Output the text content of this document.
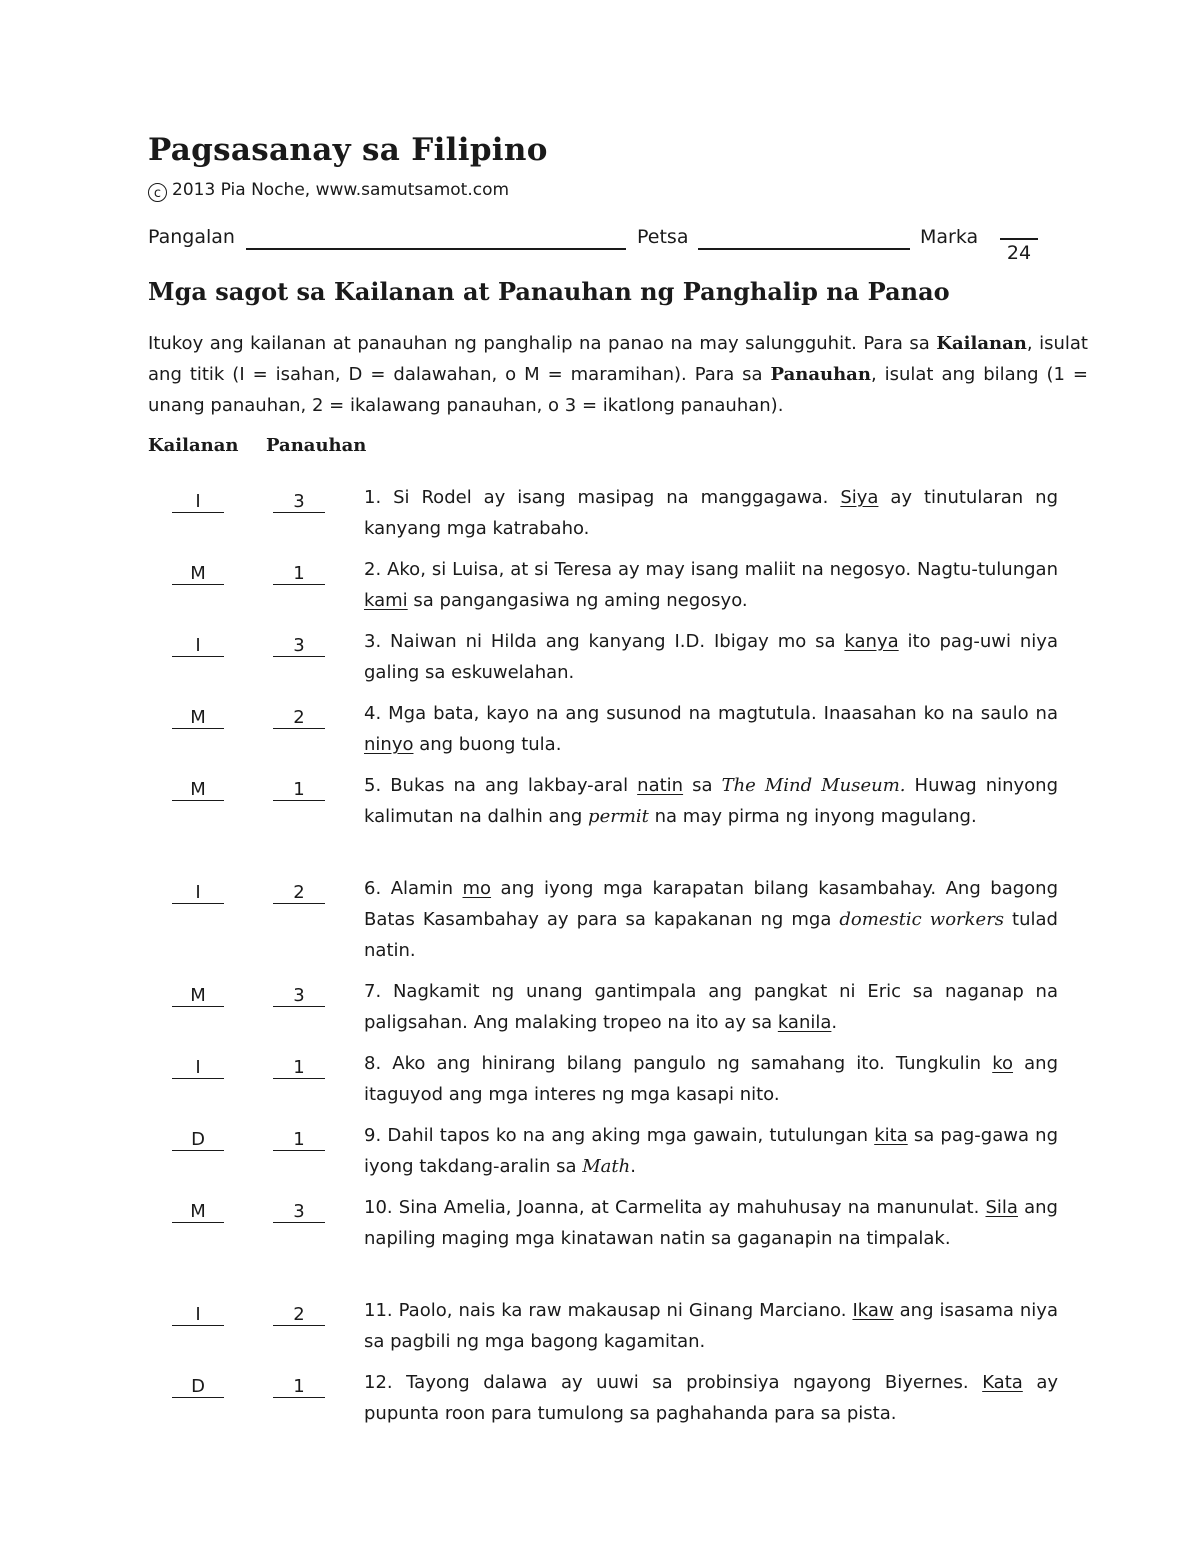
Pagsasanay sa Filipino
c 2013 Pia Noche, www.samutsamot.com
Pangalan	Petsa	Marka
24
Mga sagot sa Kailanan at Panauhan ng Panghalip na Panao
Itukoy ang kailanan at panauhan ng panghalip na panao na may salungguhit. Para sa Kailanan, isulat ang titik (I = isahan, D = dalawahan, o M = maramihan). Para sa Panauhan, isulat ang bilang (1 = unang panauhan, 2 = ikalawang panauhan, o 3 = ikatlong panauhan).
Kailanan Panauhan
I	3	1. Si Rodel ay isang masipag na manggagawa. Siya ay tinutularan ng kanyang mga katrabaho.
M	1	2. Ako, si Luisa, at si Teresa ay may isang maliit na negosyo. Nagtu-tulungan kami sa pangangasiwa ng aming negosyo.
I	3	3. Naiwan ni Hilda ang kanyang I.D. Ibigay mo sa kanya ito pag-uwi niya galing sa eskuwelahan.
M	2	4. Mga bata, kayo na ang susunod na magtutula. Inaasahan ko na saulo na ninyo ang buong tula.
M	1	5. Bukas na ang lakbay-aral natin sa The Mind Museum. Huwag ninyong kalimutan na dalhin ang permit na may pirma ng inyong magulang.
I	2	6. Alamin mo ang iyong mga karapatan bilang kasambahay. Ang bagong Batas Kasambahay ay para sa kapakanan ng mga domestic workers tulad natin.
M	3	7. Nagkamit ng unang gantimpala ang pangkat ni Eric sa naganap na paligsahan. Ang malaking tropeo na ito ay sa kanila.
I	1	8. Ako ang hinirang bilang pangulo ng samahang ito. Tungkulin ko ang itaguyod ang mga interes ng mga kasapi nito.
D	1	9. Dahil tapos ko na ang aking mga gawain, tutulungan kita sa pag-gawa ng iyong takdang-aralin sa Math.
M	3	10. Sina Amelia, Joanna, at Carmelita ay mahuhusay na manunulat. Sila ang napiling maging mga kinatawan natin sa gaganapin na timpalak.
I	2	11. Paolo, nais ka raw makausap ni Ginang Marciano. Ikaw ang isasama niya sa pagbili ng mga bagong kagamitan.
D	1	12. Tayong dalawa ay uuwi sa probinsiya ngayong Biyernes. Kata ay pupunta roon para tumulong sa paghahanda para sa pista.
